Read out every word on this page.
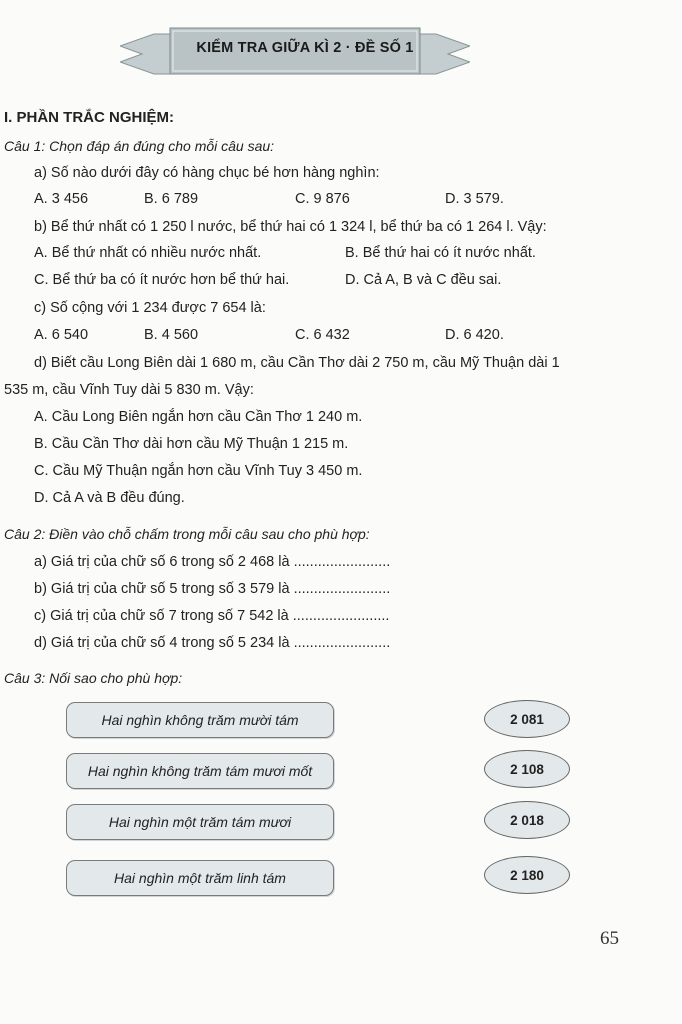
KIỂM TRA GIỮA KÌ 2 · ĐỀ SỐ 1
I. PHẦN TRẮC NGHIỆM:
Câu 1: Chọn đáp án đúng cho mỗi câu sau:
a) Số nào dưới đây có hàng chục bé hơn hàng nghìn:
A. 3 456	B. 6 789	C. 9 876	D. 3 579.
b) Bể thứ nhất có 1 250 l nước, bể thứ hai có 1 324 l, bể thứ ba có 1 264 l. Vậy:
A. Bể thứ nhất có nhiều nước nhất.	B. Bể thứ hai có ít nước nhất.
C. Bể thứ ba có ít nước hơn bể thứ hai.	D. Cả A, B và C đều sai.
c) Số cộng với 1 234 được 7 654 là:
A. 6 540	B. 4 560	C. 6 432	D. 6 420.
d) Biết cầu Long Biên dài 1 680 m, cầu Cần Thơ dài 2 750 m, cầu Mỹ Thuận dài 1
535 m, cầu Vĩnh Tuy dài 5 830 m. Vậy:
A. Cầu Long Biên ngắn hơn cầu Cần Thơ 1 240 m.
B. Cầu Cần Thơ dài hơn cầu Mỹ Thuận 1 215 m.
C. Cầu Mỹ Thuận ngắn hơn cầu Vĩnh Tuy 3 450 m.
D. Cả A và B đều đúng.
Câu 2: Điền vào chỗ chấm trong mỗi câu sau cho phù hợp:
a) Giá trị của chữ số 6 trong số 2 468 là ........................
b) Giá trị của chữ số 5 trong số 3 579 là ........................
c) Giá trị của chữ số 7 trong số 7 542 là ........................
d) Giá trị của chữ số 4 trong số 5 234 là ........................
Câu 3: Nối sao cho phù hợp:
Hai nghìn không trăm mười tám
Hai nghìn không trăm tám mươi mốt
Hai nghìn một trăm tám mươi
Hai nghìn một trăm linh tám
2 081
2 108
2 018
2 180
65
